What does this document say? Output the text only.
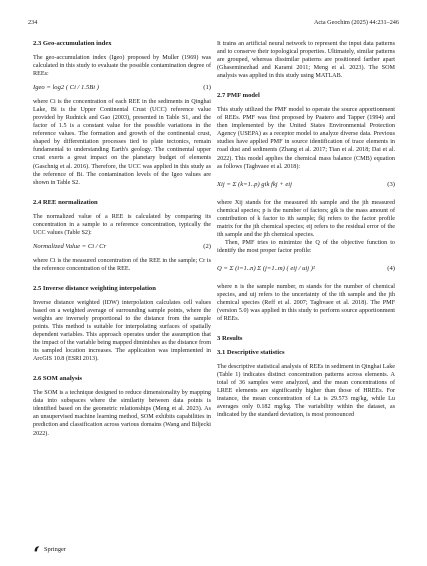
234	Acta Geochim (2025) 44:231–246
2.3 Geo-accumulation index

The geo-accumulation index (Igeo) proposed by Muller (1969) was calculated in this study to evaluate the possible contamination degree of REEs:

Igeo = log2 ( Ci / 1.5Bi )	(1)

where Ci is the concentration of each REE in the sediments in Qinghai Lake, Bi is the Upper Continental Crust (UCC) reference value provided by Rudnick and Gao (2003), presented in Table S1, and the factor of 1.5 is a constant value for the possible variations in the reference values. The formation and growth of the continental crust, shaped by differentiation processes tied to plate tectonics, remain fundamental to understanding Earth's geology. The continental upper crust exerts a great impact on the planetary budget of elements (Gaschnig et al. 2016). Therefore, the UCC was applied in this study as the reference of Bi. The contamination levels of the Igeo values are shown in Table S2.

2.4 REE normalization

The normalized value of a REE is calculated by comparing its concentration in a sample to a reference concentration, typically the UCC values (Table S2):

Normalized Value = Ci / Cr	(2)

where Ci is the measured concentration of the REE in the sample; Cr is the reference concentration of the REE.

2.5 Inverse distance weighting interpolation

Inverse distance weighted (IDW) interpolation calculates cell values based on a weighted average of surrounding sample points, where the weights are inversely proportional to the distance from the sample points. This method is suitable for interpolating surfaces of spatially dependent variables. This approach operates under the assumption that the impact of the variable being mapped diminishes as the distance from its sampled location increases. The application was implemented in ArcGIS 10.8 (ESRI 2013).

2.6 SOM analysis

The SOM is a technique designed to reduce dimensionality by mapping data into subspaces where the similarity between data points is identified based on the geometric relationships (Meng et al. 2023). As an unsupervised machine learning method, SOM exhibits capabilities in prediction and classification across various domains (Wang and Biljecki 2022).

It trains an artificial neural network to represent the input data patterns and to conserve their topological properties. Ultimately, similar patterns are grouped, whereas dissimilar patterns are positioned farther apart (Ghaseminezhad and Karami 2011; Meng et al. 2023). The SOM analysis was applied in this study using MATLAB.

2.7 PMF model

This study utilized the PMF model to operate the source apportionment of REEs. PMF was first proposed by Paatero and Tapper (1994) and then implemented by the United States Environmental Protection Agency (USEPA) as a receptor model to analyze diverse data. Previous studies have applied PMF in source identification of trace elements in road dust and sediments (Zhang et al. 2017; Tian et al. 2018; Dai et al. 2022). This model applies the chemical mass balance (CMB) equation as follows (Taghvaee et al. 2018):

Xij = Σ (k=1..p) gik fkj + eij	(3)

where Xij stands for the measured ith sample and the jth measured chemical species; p is the number of factors; gik is the mass amount of contribution of k factor to ith sample; fkj refers to the factor profile matrix for the jth chemical species; eij refers to the residual error of the ith sample and the jth chemical species.

Then, PMF tries to minimize the Q of the objective function to identify the most proper factor profile:

Q = Σ (i=1..n) Σ (j=1..m) ( eij / uij )²	(4)

where n is the sample number, m stands for the number of chemical species, and uij refers to the uncertainty of the ith sample and the jth chemical species (Reff et al. 2007; Taghvaee et al. 2018). The PMF (version 5.0) was applied in this study to perform source apportionment of REEs.

3 Results
3.1 Descriptive statistics

The descriptive statistical analysis of REEs in sediment in Qinghai Lake (Table 1) indicates distinct concentration patterns across elements. A total of 36 samples were analyzed, and the mean concentrations of LREE elements are significantly higher than those of HREEs. For instance, the mean concentration of La is 29.573 mg/kg, while Lu averages only 0.182 mg/kg. The variability within the dataset, as indicated by the standard deviation, is most pronounced

Springer
